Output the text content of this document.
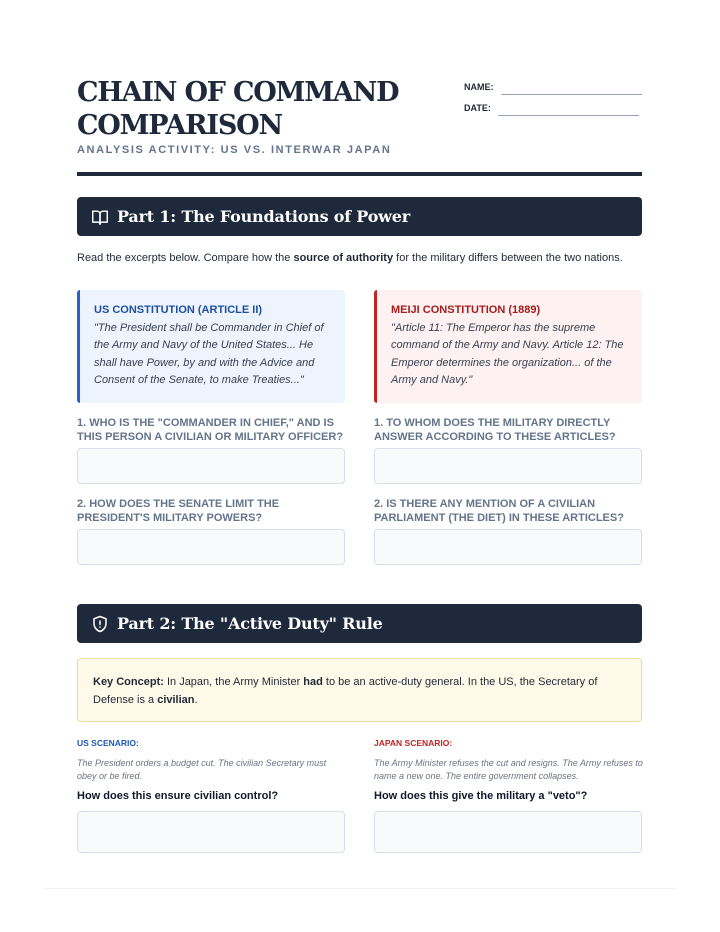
CHAIN OF COMMAND
COMPARISON

ANALYSIS ACTIVITY: US VS. INTERWAR JAPAN

NAME:
DATE:
Part 1: The Foundations of Power
Read the excerpts below. Compare how the source of authority for the military differs between the two nations.
US CONSTITUTION (ARTICLE II)
"The President shall be Commander in Chief of the Army and Navy of the United States... He shall have Power, by and with the Advice and Consent of the Senate, to make Treaties..."
MEIJI CONSTITUTION (1889)
"Article 11: The Emperor has the supreme command of the Army and Navy. Article 12: The Emperor determines the organization... of the Army and Navy."
1. WHO IS THE "COMMANDER IN CHIEF," AND IS THIS PERSON A CIVILIAN OR MILITARY OFFICER?
1. TO WHOM DOES THE MILITARY DIRECTLY ANSWER ACCORDING TO THESE ARTICLES?
2. HOW DOES THE SENATE LIMIT THE PRESIDENT'S MILITARY POWERS?
2. IS THERE ANY MENTION OF A CIVILIAN PARLIAMENT (THE DIET) IN THESE ARTICLES?
Part 2: The "Active Duty" Rule
Key Concept: In Japan, the Army Minister had to be an active-duty general. In the US, the Secretary of Defense is a civilian.
US SCENARIO:	JAPAN SCENARIO:
The President orders a budget cut. The civilian Secretary must obey or be fired.
The Army Minister refuses the cut and resigns. The Army refuses to name a new one. The entire government collapses.
How does this ensure civilian control?	How does this give the military a "veto"?
